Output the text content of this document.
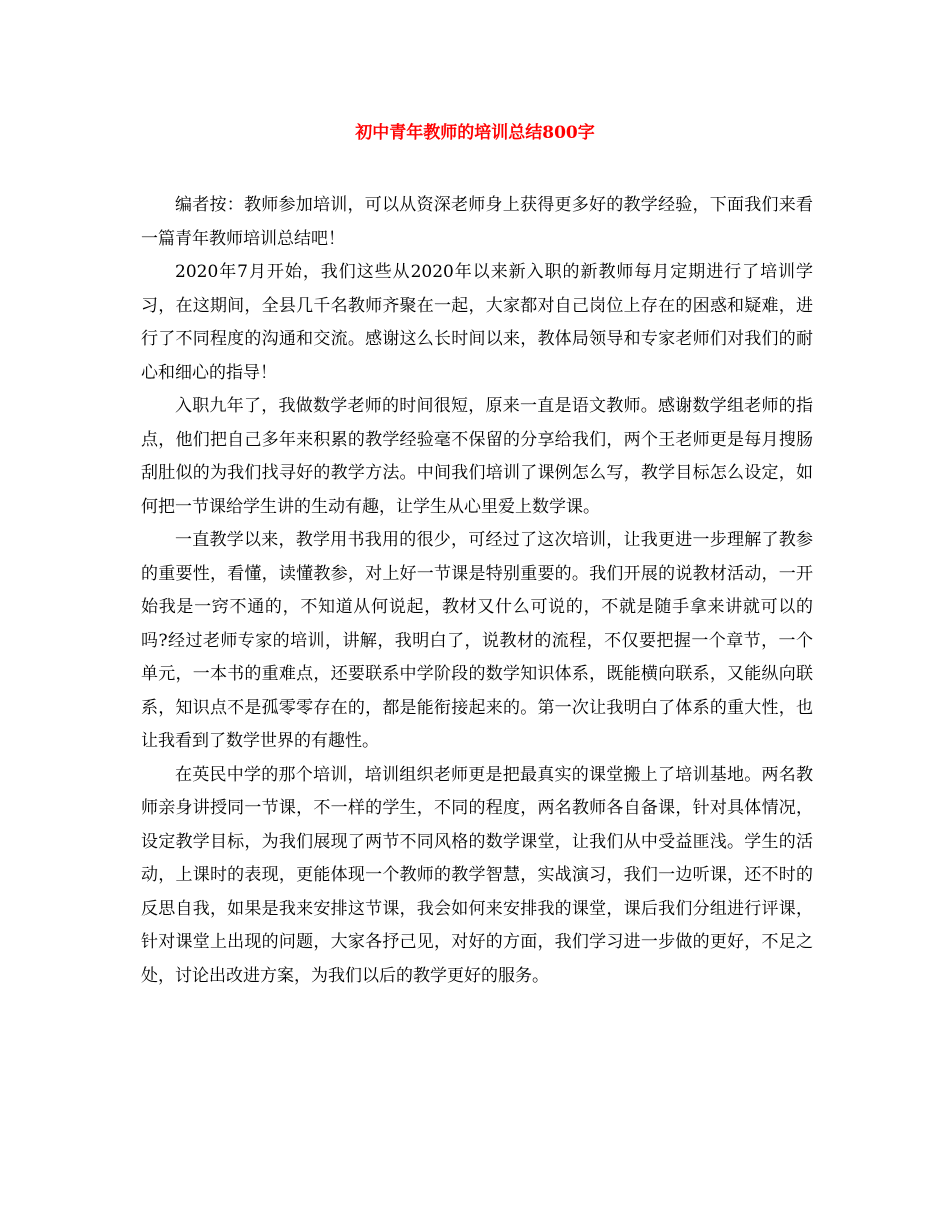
初中青年教师的培训总结800字

编者按：教师参加培训，可以从资深老师身上获得更多好的教学经验，下面我们来看一篇青年教师培训总结吧！

2020年7月开始，我们这些从2020年以来新入职的新教师每月定期进行了培训学习，在这期间，全县几千名教师齐聚在一起，大家都对自己岗位上存在的困惑和疑难，进行了不同程度的沟通和交流。感谢这么长时间以来，教体局领导和专家老师们对我们的耐心和细心的指导！

入职九年了，我做数学老师的时间很短，原来一直是语文教师。感谢数学组老师的指点，他们把自己多年来积累的教学经验毫不保留的分享给我们，两个王老师更是每月搜肠刮肚似的为我们找寻好的教学方法。中间我们培训了课例怎么写，教学目标怎么设定，如何把一节课给学生讲的生动有趣，让学生从心里爱上数学课。

一直教学以来，教学用书我用的很少，可经过了这次培训，让我更进一步理解了教参的重要性，看懂，读懂教参，对上好一节课是特别重要的。我们开展的说教材活动，一开始我是一窍不通的，不知道从何说起，教材又什么可说的，不就是随手拿来讲就可以的吗?经过老师专家的培训，讲解，我明白了，说教材的流程，不仅要把握一个章节，一个单元，一本书的重难点，还要联系中学阶段的数学知识体系，既能横向联系，又能纵向联系，知识点不是孤零零存在的，都是能衔接起来的。第一次让我明白了体系的重大性，也让我看到了数学世界的有趣性。

在英民中学的那个培训，培训组织老师更是把最真实的课堂搬上了培训基地。两名教师亲身讲授同一节课，不一样的学生，不同的程度，两名教师各自备课，针对具体情况，设定教学目标，为我们展现了两节不同风格的数学课堂，让我们从中受益匪浅。学生的活动，上课时的表现，更能体现一个教师的教学智慧，实战演习，我们一边听课，还不时的反思自我，如果是我来安排这节课，我会如何来安排我的课堂，课后我们分组进行评课，针对课堂上出现的问题，大家各抒己见，对好的方面，我们学习进一步做的更好，不足之处，讨论出改进方案，为我们以后的教学更好的服务。
